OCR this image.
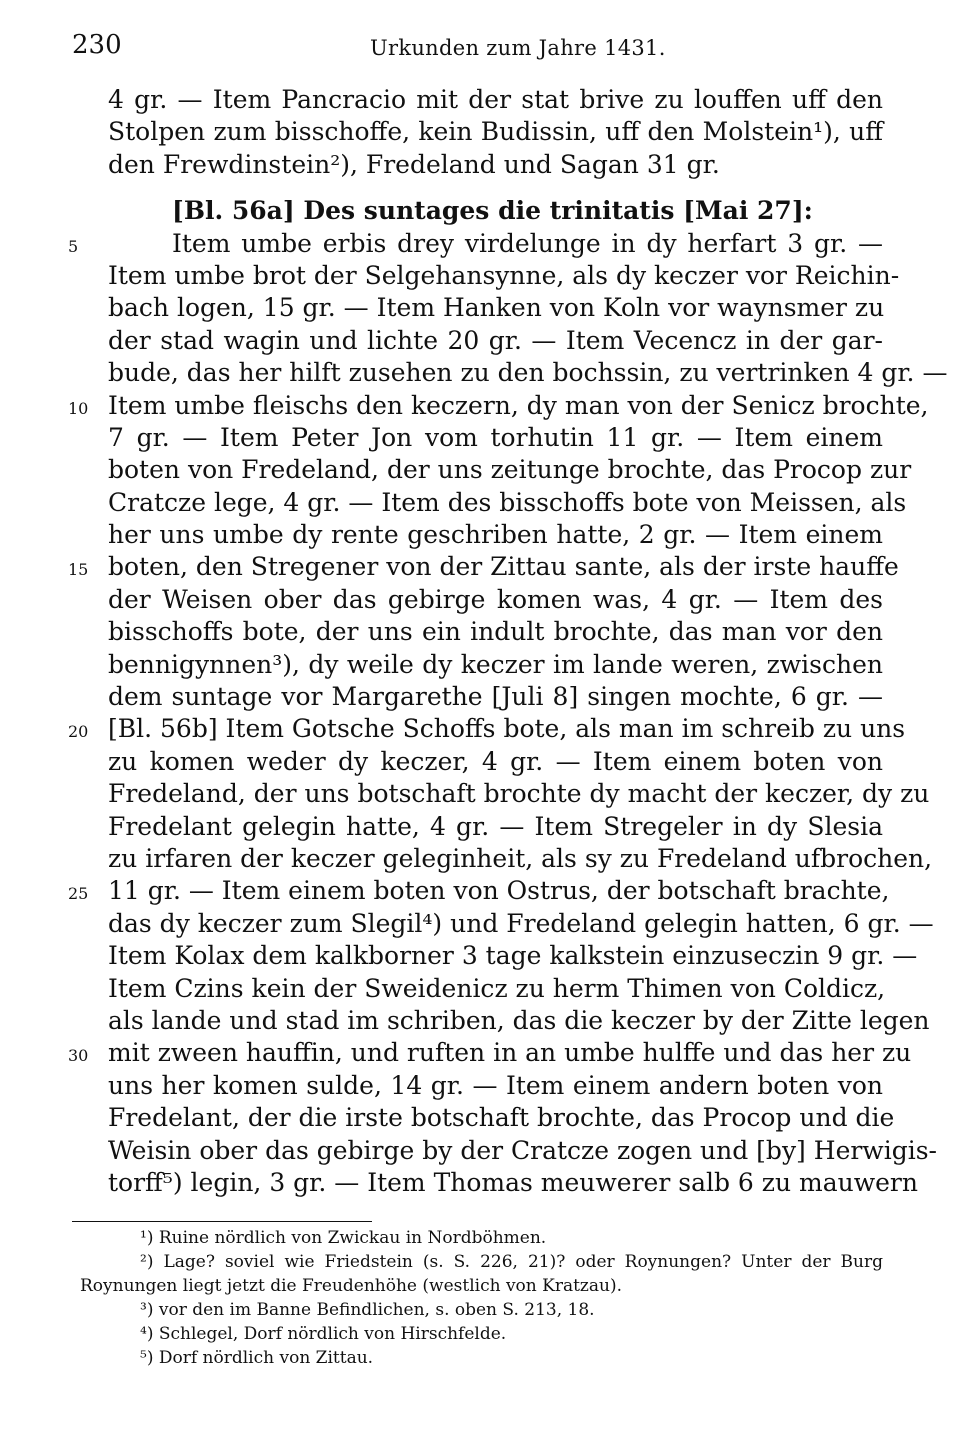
230	Urkunden zum Jahre 1431.
4 gr. — Item Pancracio mit der stat brive zu louffen uff den
Stolpen zum bisschoffe, kein Budissin, uff den Molstein¹), uff
den Frewdinstein²), Fredeland und Sagan 31 gr.
[Bl. 56a] Des suntages die trinitatis [Mai 27]:
5	Item umbe erbis drey virdelunge in dy herfart 3 gr. —
Item umbe brot der Selgehansynne, als dy keczer vor Reichin-
bach logen, 15 gr. — Item Hanken von Koln vor waynsmer zu
der stad wagin und lichte 20 gr. — Item Vecencz in der gar-
bude, das her hilft zusehen zu den bochssin, zu vertrinken 4 gr. —
10 Item umbe fleischs den keczern, dy man von der Senicz brochte,
7 gr. — Item Peter Jon vom torhutin 11 gr. — Item einem
boten von Fredeland, der uns zeitunge brochte, das Procop zur
Cratcze lege, 4 gr. — Item des bisschoffs bote von Meissen, als
her uns umbe dy rente geschriben hatte, 2 gr. — Item einem
15 boten, den Stregener von der Zittau sante, als der irste hauffe
der Weisen ober das gebirge komen was, 4 gr. — Item des
bisschoffs bote, der uns ein indult brochte, das man vor den
bennigynnen³), dy weile dy keczer im lande weren, zwischen
dem suntage vor Margarethe [Juli 8] singen mochte, 6 gr. —
20 [Bl. 56b] Item Gotsche Schoffs bote, als man im schreib zu uns
zu komen weder dy keczer, 4 gr. — Item einem boten von
Fredeland, der uns botschaft brochte dy macht der keczer, dy zu
Fredelant gelegin hatte, 4 gr. — Item Stregeler in dy Slesia
zu irfaren der keczer geleginheit, als sy zu Fredeland ufbrochen,
25 11 gr. — Item einem boten von Ostrus, der botschaft brachte,
das dy keczer zum Slegil⁴) und Fredeland gelegin hatten, 6 gr. —
Item Kolax dem kalkborner 3 tage kalkstein einzuseczin 9 gr. —
Item Czins kein der Sweidenicz zu herm Thimen von Coldicz,
als lande und stad im schriben, das die keczer by der Zitte legen
30 mit zween hauffin, und ruften in an umbe hulffe und das her zu
uns her komen sulde, 14 gr. — Item einem andern boten von
Fredelant, der die irste botschaft brochte, das Procop und die
Weisin ober das gebirge by der Cratcze zogen und [by] Herwigis-
torff⁵) legin, 3 gr. — Item Thomas meuwerer salb 6 zu mauwern
¹) Ruine nördlich von Zwickau in Nordböhmen.
²) Lage? soviel wie Friedstein (s. S. 226, 21)? oder Roynungen? Unter der Burg
Roynungen liegt jetzt die Freudenhöhe (westlich von Kratzau).
³) vor den im Banne Befindlichen, s. oben S. 213, 18.
⁴) Schlegel, Dorf nördlich von Hirschfelde.
⁵) Dorf nördlich von Zittau.
